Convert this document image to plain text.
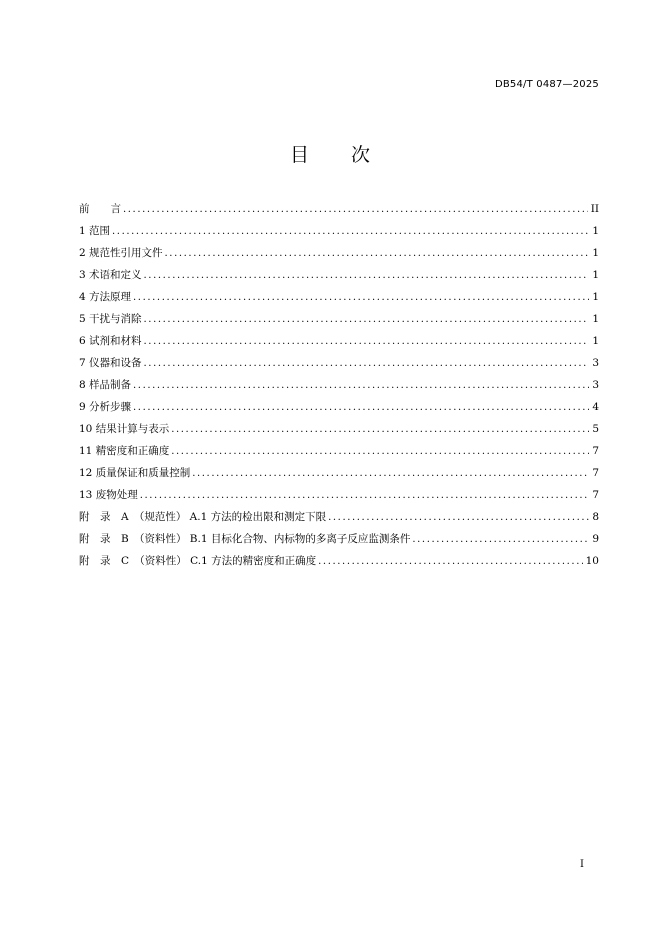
DB54/T 0487—2025
目 次
前　　言 .....	II
1 范围 .....	1
2 规范性引用文件 .....	1
3 术语和定义 .....	1
4 方法原理 .....	1
5 干扰与消除 .....	1
6 试剂和材料 .....	1
7 仪器和设备 .....	3
8 样品制备 .....	3
9 分析步骤 .....	4
10 结果计算与表示 .....	5
11 精密度和正确度 .....	7
12 质量保证和质量控制 .....	7
13 废物处理 .....	7
附　录　A　（规范性） A.1 方法的检出限和测定下限 .....	8
附　录　B　（资料性） B.1 目标化合物、内标物的多离子反应监测条件 .....	9
附　录　C　（资料性） C.1 方法的精密度和正确度 .....	10
I
